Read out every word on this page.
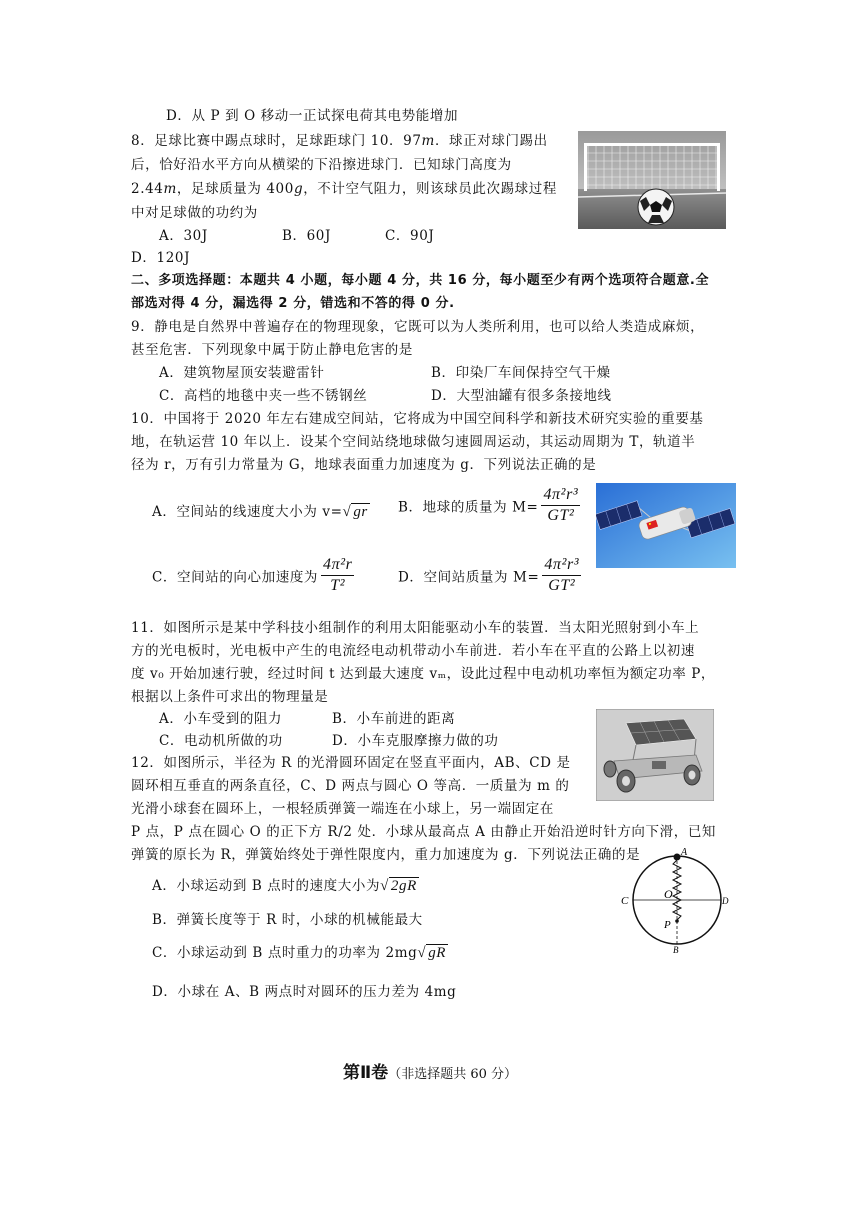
D．从 P 到 O 移动一正试探电荷其电势能增加
8．足球比赛中踢点球时，足球距球门 10．97m．球正对球门踢出
后，恰好沿水平方向从横梁的下沿擦进球门．已知球门高度为
2.44m，足球质量为 400g，不计空气阻力，则该球员此次踢球过程
中对足球做的功约为
A．30J	B．60J	C．90J
D．120J
二、多项选择题：本题共 4 小题，每小题 4 分，共 16 分，每小题至少有两个选项符合题意.全
部选对得 4 分，漏选得 2 分，错选和不答的得 0 分.
9．静电是自然界中普遍存在的物理现象，它既可以为人类所利用，也可以给人类造成麻烦，
甚至危害．下列现象中属于防止静电危害的是
A．建筑物屋顶安装避雷针	B．印染厂车间保持空气干燥
C．高档的地毯中夹一些不锈钢丝	D．大型油罐有很多条接地线
10．中国将于 2020 年左右建成空间站，它将成为中国空间科学和新技术研究实验的重要基
地，在轨运营 10 年以上．设某个空间站绕地球做匀速圆周运动，其运动周期为 T，轨道半
径为 r，万有引力常量为 G，地球表面重力加速度为 g．下列说法正确的是
A．空间站的线速度大小为 v=√ gr B．地球的质量为 $M= \frac{\text{4π²r³}}{\text{GT²}}$
C．空间站的向心加速度为 $\frac{\text{4π²r}}{\text{T²}}$	D．空间站质量为 $M= \frac{\text{4π²r³}}{\text{GT²}}$
11．如图所示是某中学科技小组制作的利用太阳能驱动小车的装置．当太阳光照射到小车上
方的光电板时，光电板中产生的电流经电动机带动小车前进．若小车在平直的公路上以初速
度 v₀ 开始加速行驶，经过时间 t 达到最大速度 vₘ，设此过程中电动机功率恒为额定功率 P，
根据以上条件可求出的物理量是
A．小车受到的阻力	B．小车前进的距离
C．电动机所做的功	D．小车克服摩擦力做的功
12．如图所示，半径为 R 的光滑圆环固定在竖直平面内，AB、CD 是
圆环相互垂直的两条直径，C、D 两点与圆心 O 等高．一质量为 m 的
光滑小球套在圆环上，一根轻质弹簧一端连在小球上，另一端固定在
P 点，P 点在圆心 O 的正下方 R/2 处．小球从最高点 A 由静止开始沿逆时针方向下滑，已知
弹簧的原长为 R，弹簧始终处于弹性限度内，重力加速度为 g．下列说法正确的是
A．小球运动到 B 点时的速度大小为√ 2gR
B．弹簧长度等于 R 时，小球的机械能最大
C．小球运动到 B 点时重力的功率为 2mg√ gR
D．小球在 A、B 两点时对圆环的压力差为 4mg
A
C	D
O
P
B
第Ⅱ卷（非选择题共 60 分）
